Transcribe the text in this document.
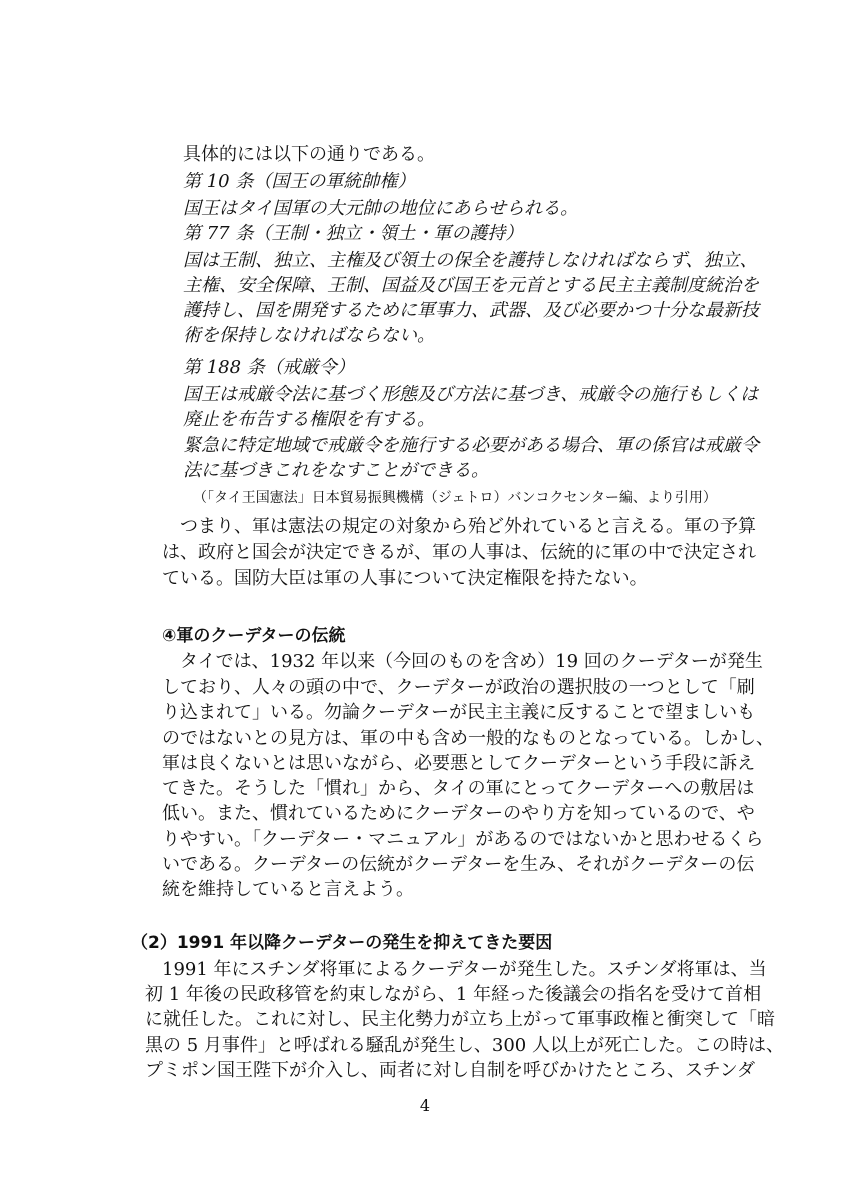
具体的には以下の通りである。
第 10 条（国王の軍統帥権）
国王はタイ国軍の大元帥の地位にあらせられる。
第 77 条（王制・独立・領土・軍の護持）
国は王制、独立、主権及び領土の保全を護持しなければならず、独立、
主権、安全保障、王制、国益及び国王を元首とする民主主義制度統治を
護持し、国を開発するために軍事力、武器、及び必要かつ十分な最新技
術を保持しなければならない。
第 188 条（戒厳令）
国王は戒厳令法に基づく形態及び方法に基づき、戒厳令の施行もしくは
廃止を布告する権限を有する。
緊急に特定地域で戒厳令を施行する必要がある場合、軍の係官は戒厳令
法に基づきこれをなすことができる。
（「タイ王国憲法」日本貿易振興機構（ジェトロ）バンコクセンター編、より引用）
つまり、軍は憲法の規定の対象から殆ど外れていると言える。軍の予算
は、政府と国会が決定できるが、軍の人事は、伝統的に軍の中で決定され
ている。国防大臣は軍の人事について決定権限を持たない。
④軍のクーデターの伝統
タイでは、1932 年以来（今回のものを含め）19 回のクーデターが発生
しており、人々の頭の中で、クーデターが政治の選択肢の一つとして「刷
り込まれて」いる。勿論クーデターが民主主義に反することで望ましいも
のではないとの見方は、軍の中も含め一般的なものとなっている。しかし、
軍は良くないとは思いながら、必要悪としてクーデターという手段に訴え
てきた。そうした「慣れ」から、タイの軍にとってクーデターへの敷居は
低い。また、慣れているためにクーデターのやり方を知っているので、や
りやすい。「クーデター・マニュアル」があるのではないかと思わせるくら
いである。クーデターの伝統がクーデターを生み、それがクーデターの伝
統を維持していると言えよう。
（2）1991 年以降クーデターの発生を抑えてきた要因
1991 年にスチンダ将軍によるクーデターが発生した。スチンダ将軍は、当
初 1 年後の民政移管を約束しながら、1 年経った後議会の指名を受けて首相
に就任した。これに対し、民主化勢力が立ち上がって軍事政権と衝突して「暗
黒の 5 月事件」と呼ばれる騒乱が発生し、300 人以上が死亡した。この時は、
プミポン国王陛下が介入し、両者に対し自制を呼びかけたところ、スチンダ
4
